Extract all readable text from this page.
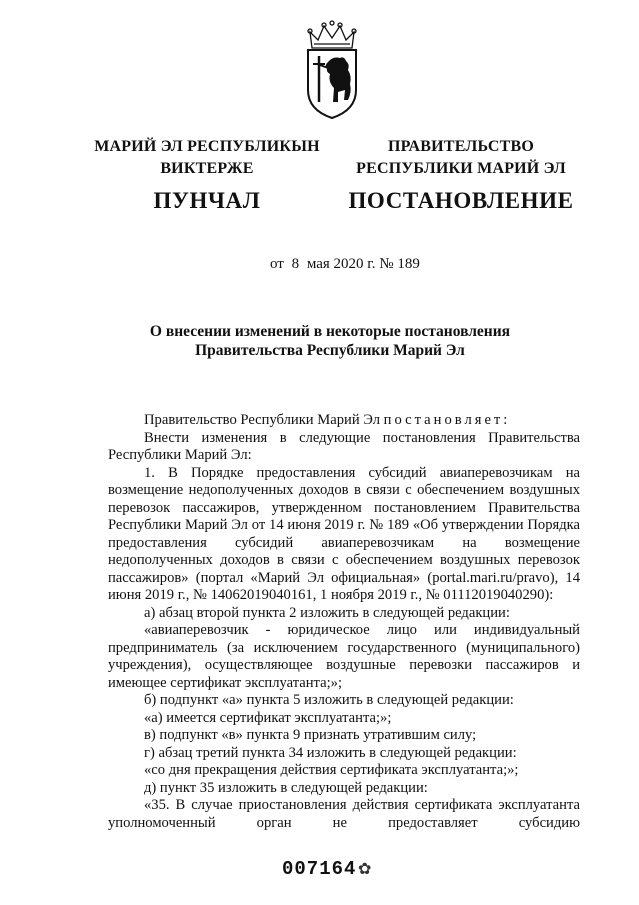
МАРИЙ ЭЛ РЕСПУБЛИКЫН
ВИКТЕРЖЕ
ПУНЧАЛ
ПРАВИТЕЛЬСТВО
РЕСПУБЛИКИ МАРИЙ ЭЛ
ПОСТАНОВЛЕНИЕ
от 8 мая 2020 г. № 189
О внесении изменений в некоторые постановления
Правительства Республики Марий Эл

Правительство Республики Марий Эл постановляет:

Внести изменения в следующие постановления Правительства Республики Марий Эл:

1. В Порядке предоставления субсидий авиаперевозчикам на возмещение недополученных доходов в связи с обеспечением воздушных перевозок пассажиров, утвержденном постановлением Правительства Республики Марий Эл от 14 июня 2019 г. № 189 «Об утверждении Порядка предоставления субсидий авиаперевозчикам на возмещение недополученных доходов в связи с обеспечением воздушных перевозок пассажиров» (портал «Марий Эл официальная» (portal.mari.ru/pravo), 14 июня 2019 г., № 14062019040161, 1 ноября 2019 г., № 01112019040290):

а) абзац второй пункта 2 изложить в следующей редакции:

«авиаперевозчик - юридическое лицо или индивидуальный предприниматель (за исключением государственного (муниципального) учреждения), осуществляющее воздушные перевозки пассажиров и имеющее сертификат эксплуатанта;»;

б) подпункт «а» пункта 5 изложить в следующей редакции:

«а) имеется сертификат эксплуатанта;»;

в) подпункт «в» пункта 9 признать утратившим силу;

г) абзац третий пункта 34 изложить в следующей редакции:

«со дня прекращения действия сертификата эксплуатанта;»;

д) пункт 35 изложить в следующей редакции:

«35. В случае приостановления действия сертификата эксплуатанта уполномоченный орган не предоставляет субсидию

007164 ✿
